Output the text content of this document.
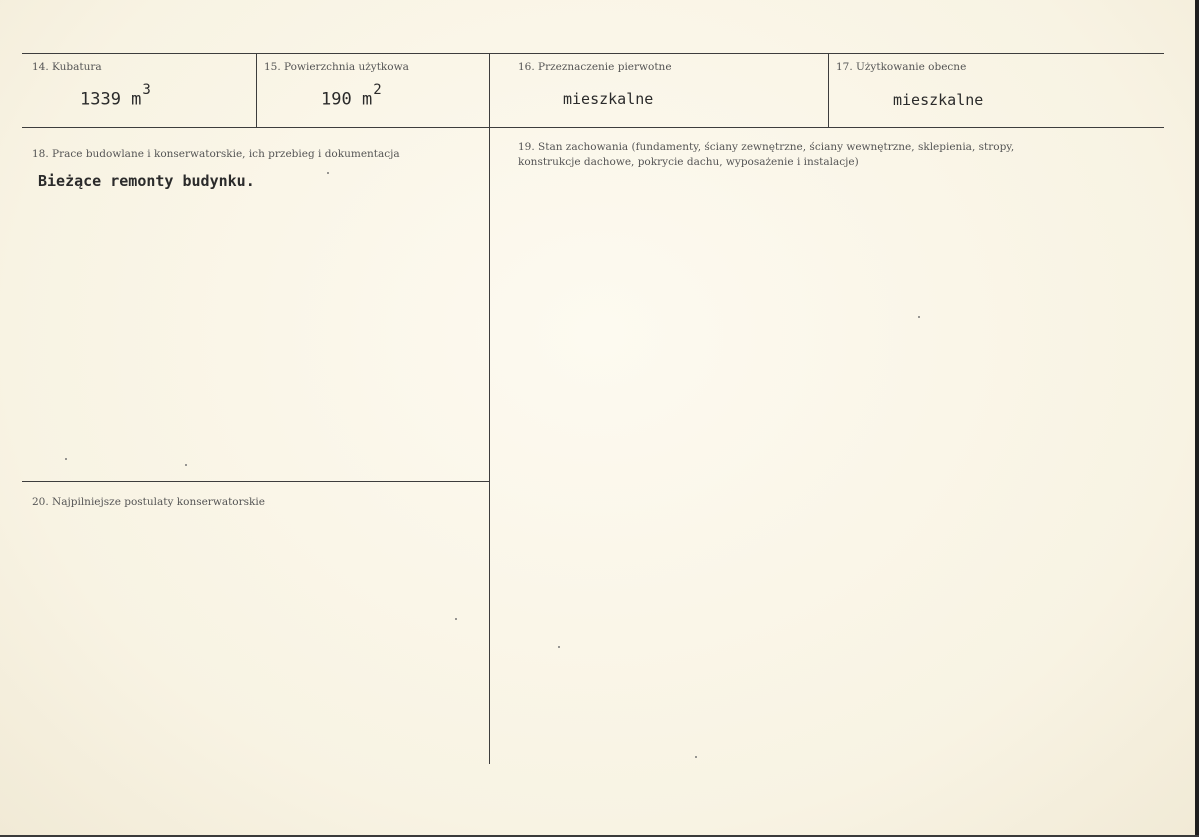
14. Kubatura
1339 $m^3$
15. Powierzchnia użytkowa
190 $m^2$
16. Przeznaczenie pierwotne
mieszkalne
17. Użytkowanie obecne
mieszkalne
18. Prace budowlane i konserwatorskie, ich przebieg i dokumentacja
Bieżące remonty budynku.
19. Stan zachowania (fundamenty, ściany zewnętrzne, ściany wewnętrzne, sklepienia, stropy,
konstrukcje dachowe, pokrycie dachu, wyposażenie i instalacje)
20. Najpilniejsze postulaty konserwatorskie
